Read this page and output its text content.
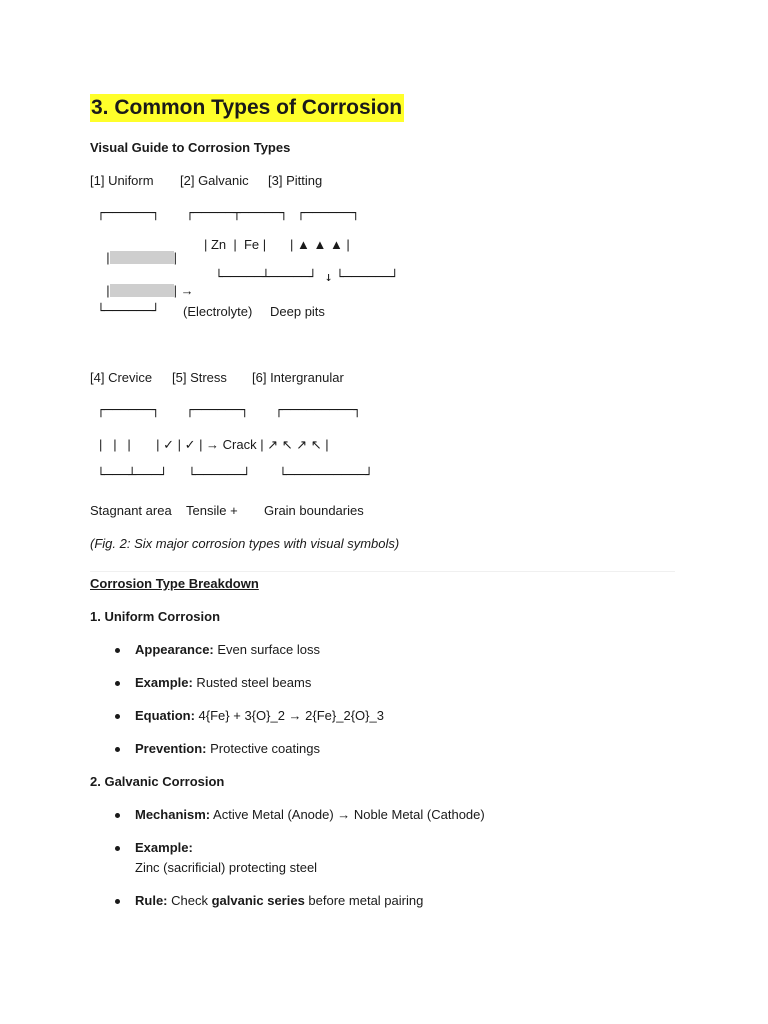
3. Common Types of Corrosion
Visual Guide to Corrosion Types
[1] Uniform [2] Galvanic [3] Pitting
┌──────┐ ┌─────┬─────┐ ┌──────┐

|	|

| Zn  |  Fe | | ▲ ▲ ▲ |

|	| →

└─────┴─────┘ ↓ └──────┘
└──────┘ (Electrolyte) Deep pits
[4] Crevice [5] Stress [6] Intergranular
┌──────┐ ┌──────┐ ┌─────────┐
|   |   |       | ✓ | ✓ | → Crack | ↗ ↖ ↗ ↖ |
└───┴───┘ └──────┘ └──────────┘
Stagnant area Tensile + Grain boundaries
(Fig. 2: Six major corrosion types with visual symbols)
Corrosion Type Breakdown
1. Uniform Corrosion
Appearance: Even surface loss
Example: Rusted steel beams
Equation: 4{Fe} + 3{O}_2 → 2{Fe}_2{O}_3
Prevention: Protective coatings
2. Galvanic Corrosion
Mechanism: Active Metal (Anode) → Noble Metal (Cathode)
Example:
Zinc (sacrificial) protecting steel
Rule: Check galvanic series before metal pairing
